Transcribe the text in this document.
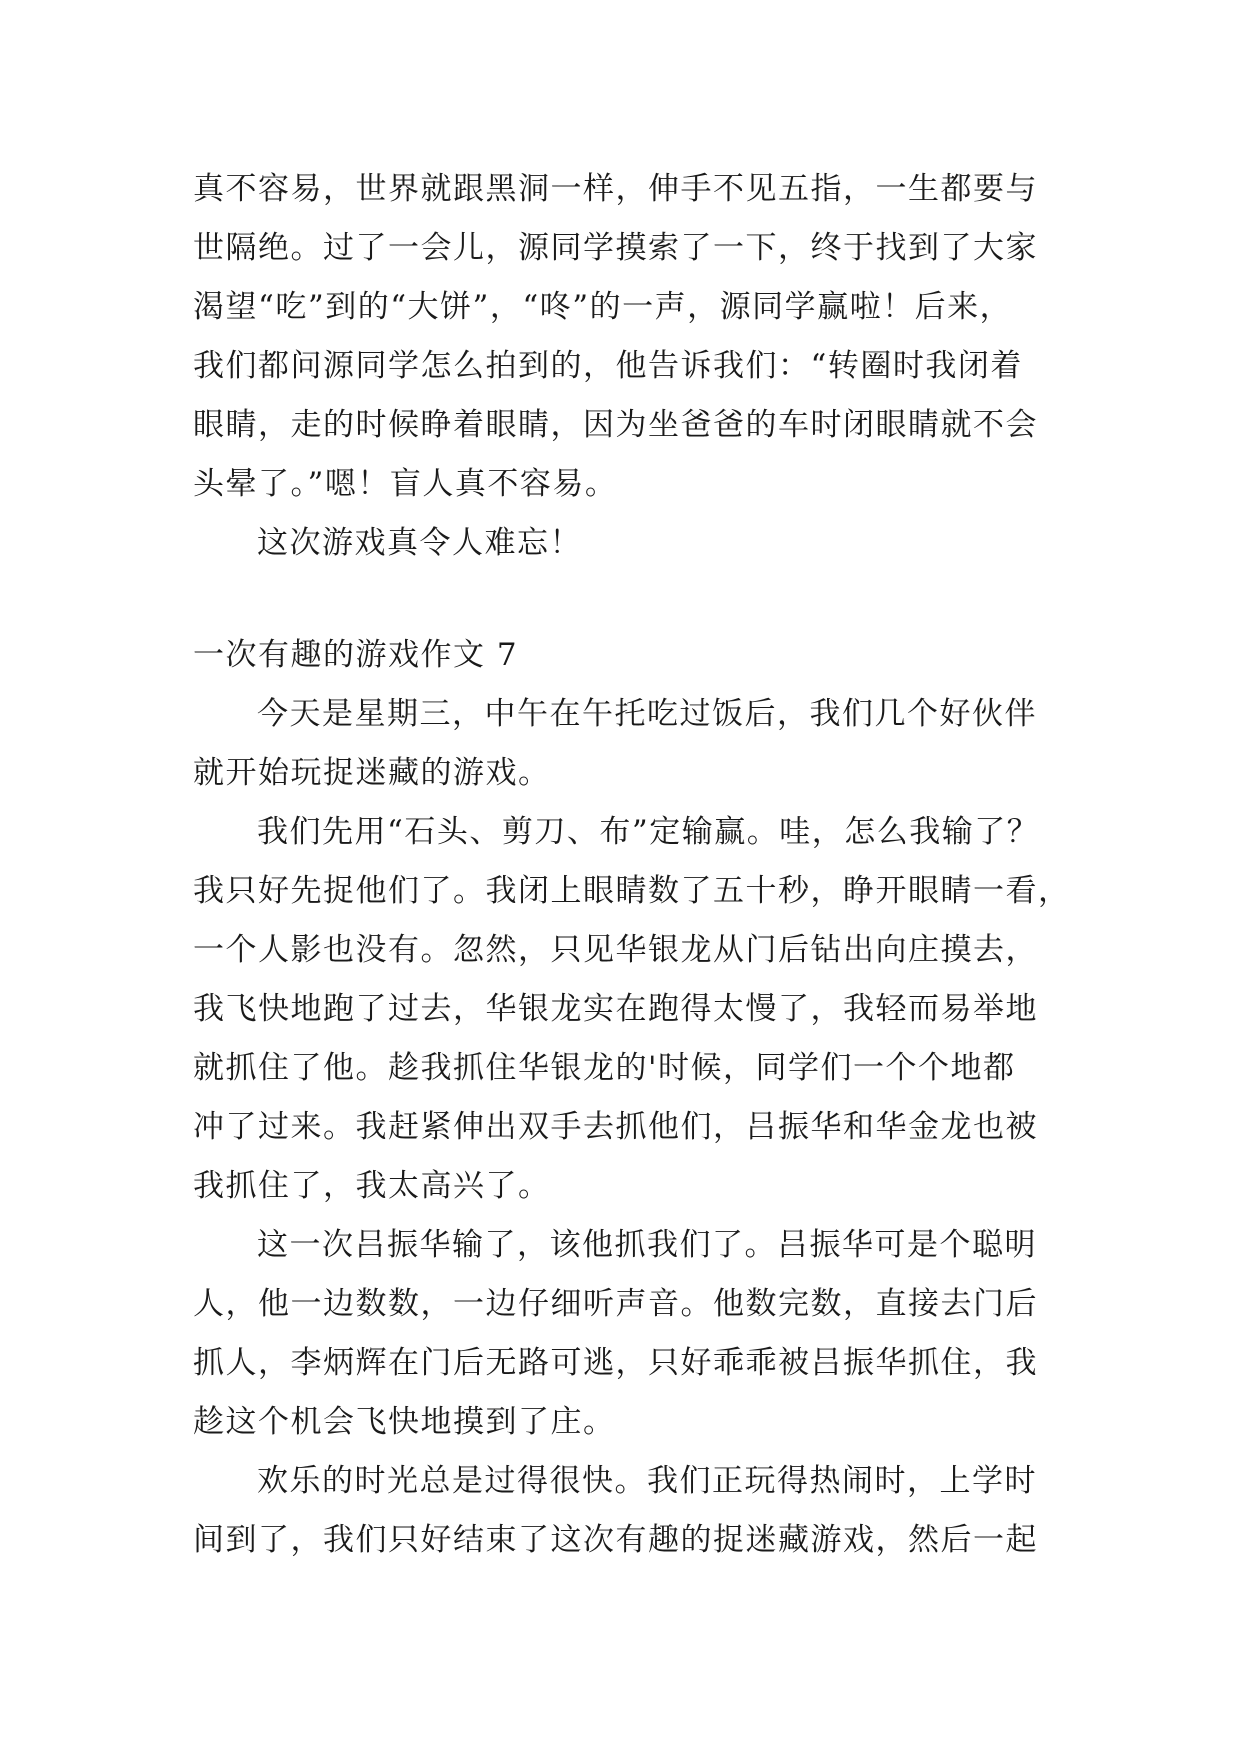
真不容易，世界就跟黑洞一样，伸手不见五指，一生都要与
世隔绝。过了一会儿，源同学摸索了一下，终于找到了大家
渴望“吃”到的“大饼”，“咚”的一声，源同学赢啦！后来，
我们都问源同学怎么拍到的，他告诉我们：“转圈时我闭着
眼睛，走的时候睁着眼睛，因为坐爸爸的车时闭眼睛就不会
头晕了。”嗯！盲人真不容易。
这次游戏真令人难忘！
一次有趣的游戏作文 7
今天是星期三，中午在午托吃过饭后，我们几个好伙伴
就开始玩捉迷藏的游戏。
我们先用“石头、剪刀、布”定输赢。哇，怎么我输了？
我只好先捉他们了。我闭上眼睛数了五十秒，睁开眼睛一看，
一个人影也没有。忽然，只见华银龙从门后钻出向庄摸去，
我飞快地跑了过去，华银龙实在跑得太慢了，我轻而易举地
就抓住了他。趁我抓住华银龙的'时候，同学们一个个地都
冲了过来。我赶紧伸出双手去抓他们，吕振华和华金龙也被
我抓住了，我太高兴了。
这一次吕振华输了，该他抓我们了。吕振华可是个聪明
人，他一边数数，一边仔细听声音。他数完数，直接去门后
抓人，李炳辉在门后无路可逃，只好乖乖被吕振华抓住，我
趁这个机会飞快地摸到了庄。
欢乐的时光总是过得很快。我们正玩得热闹时，上学时
间到了，我们只好结束了这次有趣的捉迷藏游戏，然后一起
